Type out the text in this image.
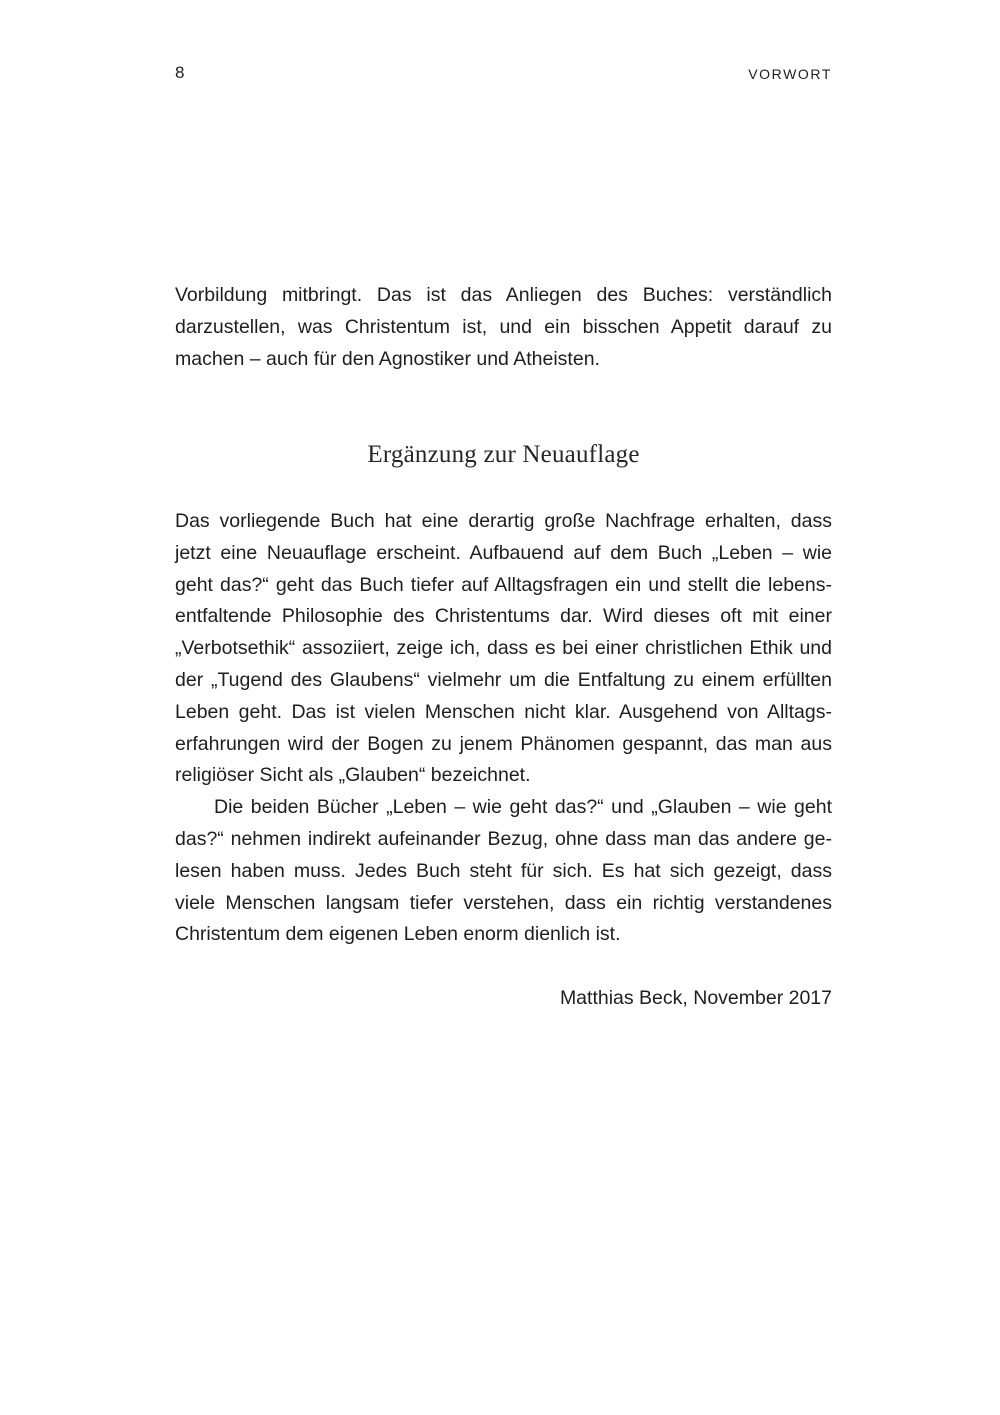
8	VORWORT

Vorbildung mitbringt. Das ist das Anliegen des Buches: verständlich darzustellen, was Christentum ist, und ein bisschen Appetit darauf zu machen – auch für den Agnostiker und Atheisten.

Ergänzung zur Neuauflage

Das vorliegende Buch hat eine derartig große Nachfrage erhalten, dass jetzt eine Neuauflage erscheint. Aufbauend auf dem Buch „Leben – wie geht das?“ geht das Buch tiefer auf Alltagsfragen ein und stellt die lebensentfaltende Philosophie des Christentums dar. Wird dieses oft mit einer „Verbotsethik“ assoziiert, zeige ich, dass es bei einer christlichen Ethik und der „Tugend des Glaubens“ vielmehr um die Entfaltung zu einem erfüllten Leben geht. Das ist vielen Menschen nicht klar. Ausgehend von Alltagserfahrungen wird der Bogen zu jenem Phänomen gespannt, das man aus religiöser Sicht als „Glauben“ bezeichnet.

Die beiden Bücher „Leben – wie geht das?“ und „Glauben – wie geht das?“ nehmen indirekt aufeinander Bezug, ohne dass man das andere gelesen haben muss. Jedes Buch steht für sich. Es hat sich gezeigt, dass viele Menschen langsam tiefer verstehen, dass ein richtig verstandenes Christentum dem eigenen Leben enorm dienlich ist.

Matthias Beck, November 2017
